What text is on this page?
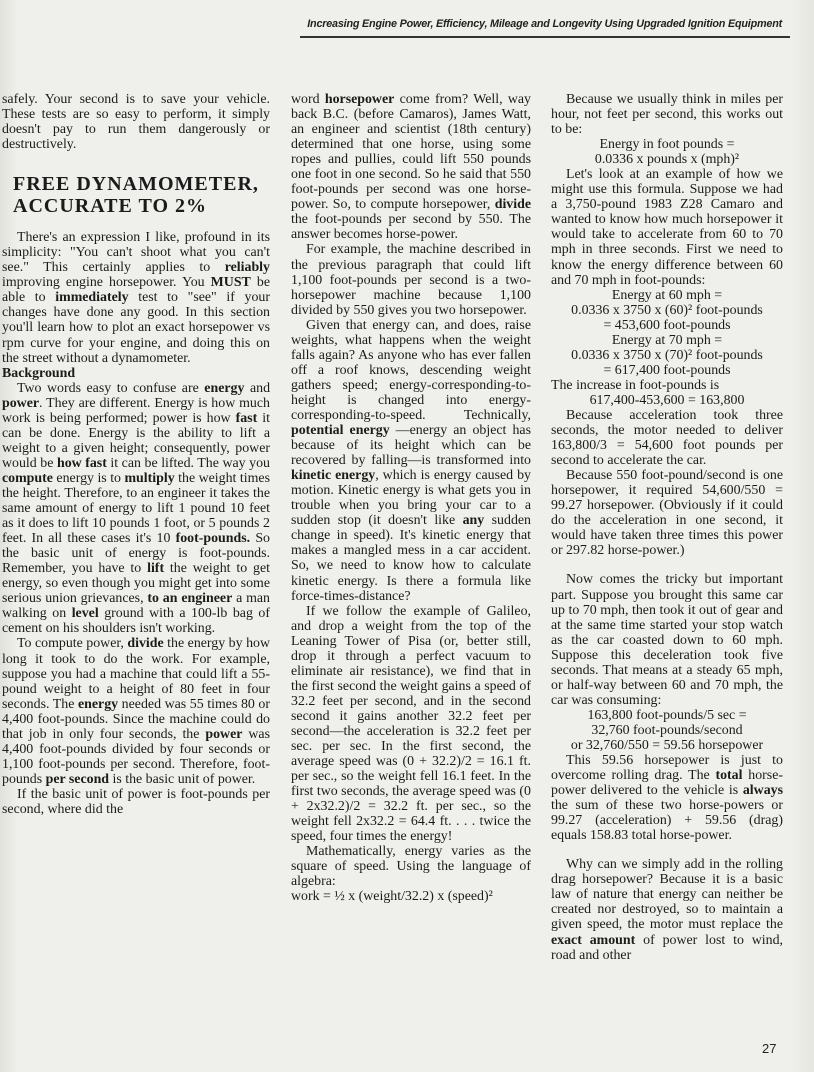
Increasing Engine Power, Efficiency, Mileage and Longevity Using Upgraded Ignition Equipment

safely. Your second is to save your vehicle. These tests are so easy to perform, it simply doesn't pay to run them dangerously or destructively.

FREE DYNAMOMETER, ACCURATE TO 2%

There's an expression I like, profound in its simplicity: "You can't shoot what you can't see." This certainly applies to reliably improving engine horsepower. You MUST be able to immediately test to "see" if your changes have done any good. In this section you'll learn how to plot an exact horsepower vs rpm curve for your engine, and doing this on the street without a dynamometer.

Background

Two words easy to confuse are energy and power. They are different. Energy is how much work is being performed; power is how fast it can be done. Energy is the ability to lift a weight to a given height; consequently, power would be how fast it can be lifted. The way you compute energy is to multiply the weight times the height. Therefore, to an engineer it takes the same amount of energy to lift 1 pound 10 feet as it does to lift 10 pounds 1 foot, or 5 pounds 2 feet. In all these cases it's 10 foot-pounds. So the basic unit of energy is foot-pounds. Remember, you have to lift the weight to get energy, so even though you might get into some serious union grievances, to an engineer a man walking on level ground with a 100-lb bag of cement on his shoulders isn't working.

To compute power, divide the energy by how long it took to do the work. For example, suppose you had a machine that could lift a 55-pound weight to a height of 80 feet in four seconds. The energy needed was 55 times 80 or 4,400 foot-pounds. Since the machine could do that job in only four seconds, the power was 4,400 foot-pounds divided by four seconds or 1,100 foot-pounds per second. Therefore, foot-pounds per second is the basic unit of power.

If the basic unit of power is foot-pounds per second, where did the

word horsepower come from? Well, way back B.C. (before Camaros), James Watt, an engineer and scientist (18th century) determined that one horse, using some ropes and pullies, could lift 550 pounds one foot in one second. So he said that 550 foot-pounds per second was one horse-power. So, to compute horsepower, divide the foot-pounds per second by 550. The answer becomes horse-power.

For example, the machine described in the previous paragraph that could lift 1,100 foot-pounds per second is a two-horsepower machine because 1,100 divided by 550 gives you two horsepower.

Given that energy can, and does, raise weights, what happens when the weight falls again? As anyone who has ever fallen off a roof knows, descending weight gathers speed; energy-corresponding-to-height is changed into energy-corresponding-to-speed. Technically, potential energy —energy an object has because of its height which can be recovered by falling—is transformed into kinetic energy, which is energy caused by motion. Kinetic energy is what gets you in trouble when you bring your car to a sudden stop (it doesn't like any sudden change in speed). It's kinetic energy that makes a mangled mess in a car accident. So, we need to know how to calculate kinetic energy. Is there a formula like force-times-distance?

If we follow the example of Galileo, and drop a weight from the top of the Leaning Tower of Pisa (or, better still, drop it through a perfect vacuum to eliminate air resistance), we find that in the first second the weight gains a speed of 32.2 feet per second, and in the second second it gains another 32.2 feet per second—the acceleration is 32.2 feet per sec. per sec. In the first second, the average speed was (0 + 32.2)/2 = 16.1 ft. per sec., so the weight fell 16.1 feet. In the first two seconds, the average speed was (0 + 2x32.2)/2 = 32.2 ft. per sec., so the weight fell 2x32.2 = 64.4 ft. . . . twice the speed, four times the energy!

Mathematically, energy varies as the square of speed. Using the language of algebra:

work = ½ x (weight/32.2) x (speed)²

Because we usually think in miles per hour, not feet per second, this works out to be:

Energy in foot pounds =

0.0336 x pounds x (mph)²

Let's look at an example of how we might use this formula. Suppose we had a 3,750-pound 1983 Z28 Camaro and wanted to know how much horsepower it would take to accelerate from 60 to 70 mph in three seconds. First we need to know the energy difference between 60 and 70 mph in foot-pounds:

Energy at 60 mph =

0.0336 x 3750 x (60)² foot-pounds

= 453,600 foot-pounds

Energy at 70 mph =

0.0336 x 3750 x (70)² foot-pounds

= 617,400 foot-pounds

The increase in foot-pounds is

617,400-453,600 = 163,800

Because acceleration took three seconds, the motor needed to deliver 163,800/3 = 54,600 foot pounds per second to accelerate the car.

Because 550 foot-pound/second is one horsepower, it required 54,600/550 = 99.27 horsepower. (Obviously if it could do the acceleration in one second, it would have taken three times this power or 297.82 horse-power.)

Now comes the tricky but important part. Suppose you brought this same car up to 70 mph, then took it out of gear and at the same time started your stop watch as the car coasted down to 60 mph. Suppose this deceleration took five seconds. That means at a steady 65 mph, or half-way between 60 and 70 mph, the car was consuming:

163,800 foot-pounds/5 sec =

32,760 foot-pounds/second

or 32,760/550 = 59.56 horsepower

This 59.56 horsepower is just to overcome rolling drag. The total horse-power delivered to the vehicle is always the sum of these two horse-powers or 99.27 (acceleration) + 59.56 (drag) equals 158.83 total horse-power.

Why can we simply add in the rolling drag horsepower? Because it is a basic law of nature that energy can neither be created nor destroyed, so to maintain a given speed, the motor must replace the exact amount of power lost to wind, road and other

27
